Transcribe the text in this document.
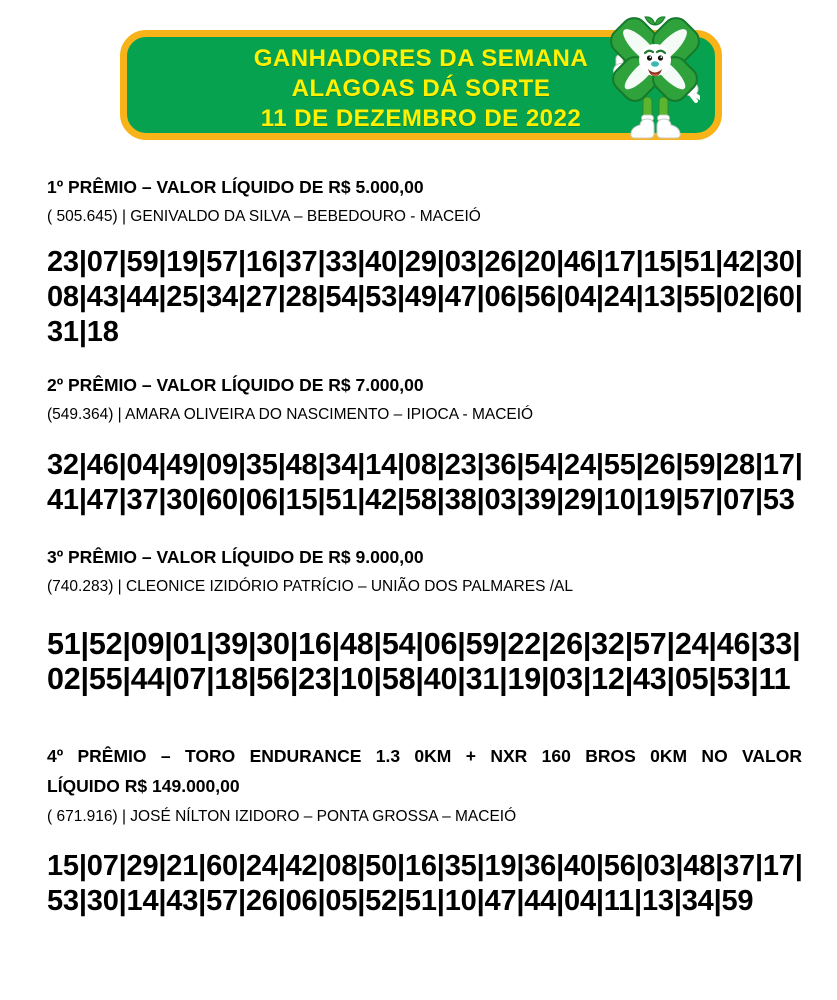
GANHADORES DA SEMANA
ALAGOAS DÁ SORTE
11 DE DEZEMBRO DE 2022
1º PRÊMIO – VALOR LÍQUIDO DE R$ 5.000,00
( 505.645) | GENIVALDO DA SILVA – BEBEDOURO - MACEIÓ
23|07|59|19|57|16|37|33|40|29|03|26|20|46|17|15|51|42|30|
08|43|44|25|34|27|28|54|53|49|47|06|56|04|24|13|55|02|60|
31|18
2º PRÊMIO – VALOR LÍQUIDO DE R$ 7.000,00
(549.364) | AMARA OLIVEIRA DO NASCIMENTO – IPIOCA - MACEIÓ
32|46|04|49|09|35|48|34|14|08|23|36|54|24|55|26|59|28|17|
41|47|37|30|60|06|15|51|42|58|38|03|39|29|10|19|57|07|53
3º PRÊMIO – VALOR LÍQUIDO DE R$ 9.000,00
(740.283) | CLEONICE IZIDÓRIO PATRÍCIO – UNIÃO DOS PALMARES /AL
51|52|09|01|39|30|16|48|54|06|59|22|26|32|57|24|46|33|
02|55|44|07|18|56|23|10|58|40|31|19|03|12|43|05|53|11
4º PRÊMIO – TORO ENDURANCE 1.3 0KM + NXR 160 BROS 0KM NO VALOR
LÍQUIDO R$ 149.000,00
( 671.916) | JOSÉ NÍLTON IZIDORO – PONTA GROSSA – MACEIÓ
15|07|29|21|60|24|42|08|50|16|35|19|36|40|56|03|48|37|17|
53|30|14|43|57|26|06|05|52|51|10|47|44|04|11|13|34|59
